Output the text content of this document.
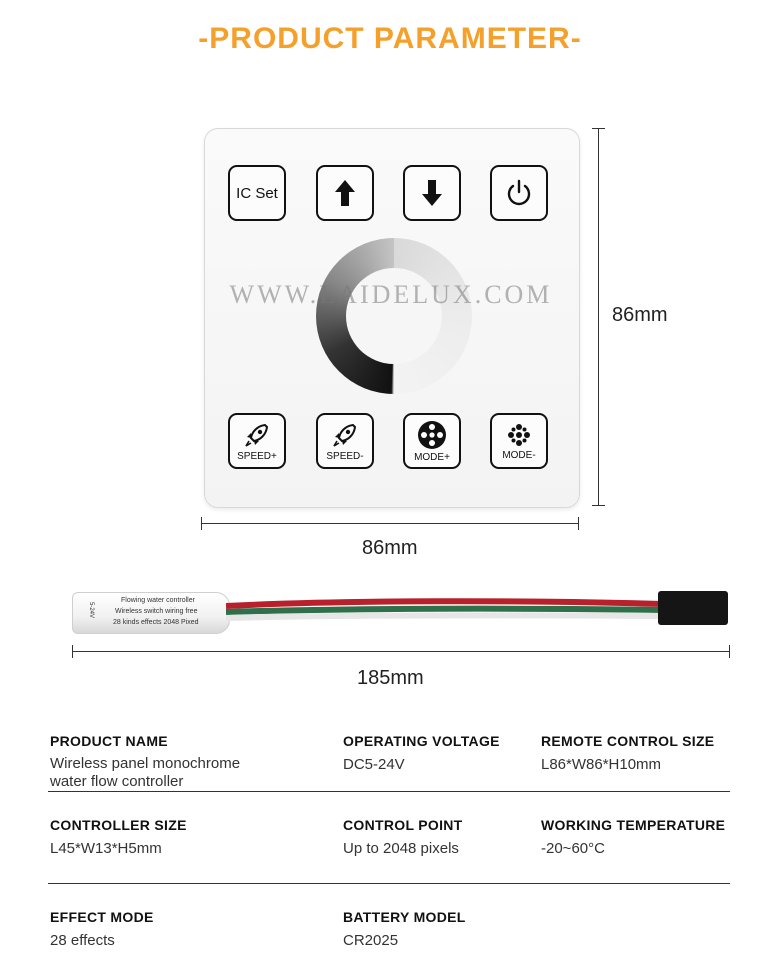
-PRODUCT PARAMETER-
IC Set
WWW.LAIDELUX.COM
SPEED+	SPEED-	MODE+	MODE-
86mm
86mm
Flowing water controller
Wireless switch wiring free
28 kinds effects 2048 Pixed
5-24V
185mm
PRODUCT NAME
Wireless panel monochrome water flow controller
OPERATING VOLTAGE
DC5-24V
REMOTE CONTROL SIZE
L86*W86*H10mm
CONTROLLER SIZE
L45*W13*H5mm
CONTROL POINT
Up to 2048 pixels
WORKING TEMPERATURE
-20~60°C
EFFECT MODE
28 effects
BATTERY MODEL
CR2025
